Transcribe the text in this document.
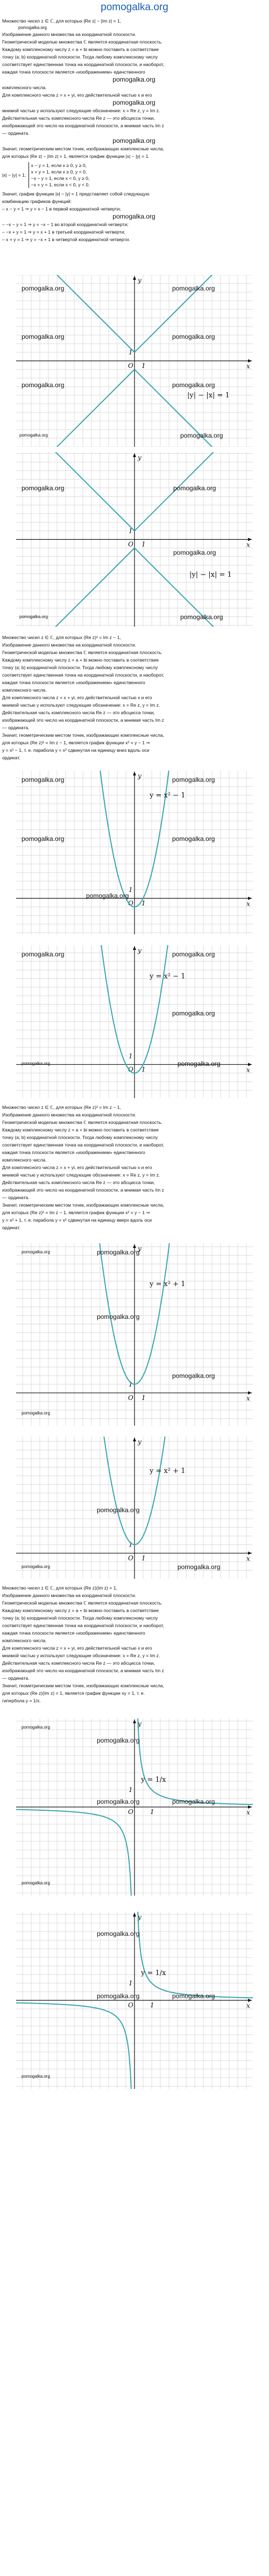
pomogalka.org
Множество чисел z ∈ ℂ, для которых |Re z| − |Im z| = 1,
pomogalka.org
Изображение данного множества на координатной плоскости.
Геометрической моделью множества ℂ является координатная плоскость.
Каждому комплексному числу z = a + bi можно поставить в соответствие
точку (a; b) координатной плоскости. Тогда любому комплексному числу
соответствует единственная точка на координатной плоскости, и наоборот,
каждая точка плоскости является «изображением» единственного
pomogalka.org
комплексного числа.
Для комплексного числа z = x + yi, его действительной частью x и его
pomogalka.org
мнимой частью y используют следующие обозначение: x = Re z, y = Im z.
Действительная часть комплексного числа Re z — это абсцисса точки,
изображающей это число на координатной плоскости, а мнимая часть Im z
— ордината.
pomogalka.org
Значит, геометрическим местом точек, изображающих комплексные числа,
для которых |Re z| − |Im z| = 1, является график функции |x| − |y| = 1.
|x| − |y| = 1;
x − y = 1, если x ≥ 0, y ≥ 0,
x + y = 1, если x ≥ 0, y < 0,
−x − y = 1, если x < 0, y ≥ 0,
−x + y = 1, если x < 0, y < 0.
Значит, график функции |x| − |y| = 1 представляет собой следующую
комбинацию графиков функций:
– x − y = 1 ⇒ y = x − 1 в первой координатной четверти;
pomogalka.org
– −x − y = 1 ⇒ y = −x − 1 во второй координатной четверти;
– −x + y = 1 ⇒ y = x + 1 в третьей координатной четверти;
– x + y = 1 ⇒ y = −x + 1 в четвертой координатной четверти.
x
y
O 1
1
|y| − |x| = 1
pomogalka.org	pomogalka.org
pomogalka.org	pomogalka.org
pomogalka.org	pomogalka.org
pomogalka.org	pomogalka.org
x
y
O 1
1
|y| − |x| = 1
pomogalka.org	pomogalka.org
pomogalka.org
pomogalka.org	pomogalka.org
Множество чисел z ∈ ℂ, для которых (Re z)² = Im z − 1,
Изображение данного множества на координатной плоскости.
Геометрической моделью множества ℂ является координатная плоскость.
Каждому комплексному числу z = a + bi можно поставить в соответствие
точку (a; b) координатной плоскости. Тогда любому комплексному числу
соответствует единственная точка на координатной плоскости, и наоборот,
каждая точка плоскости является «изображением» единственного
комплексного числа.
Для комплексного числа z = x + yi, его действительной частью x и его
мнимой частью y используют следующие обозначение: x = Re z, y = Im z.
Действительная часть комплексного числа Re z — это абсцисса точки,
изображающей это число на координатной плоскости, а мнимая часть Im z
— ордината.
Значит, геометрическим местом точек, изображающих комплексные числа,
для которых (Re z)² = Im z − 1, является график функции x² = y − 1 ⇒
y = x² − 1, т. е. парабола y = x² сдвинутая на единицу вниз вдоль оси
ординат.
x
y
O 1
1
y = x² − 1
pomogalka.org	pomogalka.org
pomogalka.org	pomogalka.org
pomogalka.org
x
y
O 1
1
y = x² − 1
pomogalka.org	pomogalka.org
pomogalka.org
pomogalka.org	pomogalka.org
Множество чисел z ∈ ℂ, для которых (Re z)² = Im z − 1,
Изображение данного множества на координатной плоскости.
Геометрической моделью множества ℂ является координатная плоскость.
Каждому комплексному числу z = a + bi можно поставить в соответствие
точку (a; b) координатной плоскости. Тогда любому комплексному числу
соответствует единственная точка на координатной плоскости, и наоборот,
каждая точка плоскости является «изображением» единственного
комплексного числа.
Для комплексного числа z = x + yi, его действительной частью x и его
мнимой частью y используют следующие обозначение: x = Re z, y = Im z.
Действительная часть комплексного числа Re z — это абсцисса точки,
изображающей это число на координатной плоскости, а мнимая часть Im z
— ординатa.
Значит, геометрическим местом точек, изображающих комплексные числа,
для которых (Re z)² = Im z − 1, является график функции x² = y − 1 ⇒
y = x² + 1, т. е. парабола y = x² сдвинутая на единицу вверх вдоль оси
ординат.
x
y
O 1
1
y = x² + 1
pomogalka.org	pomogalka.org
pomogalka.org
pomogalka.org
pomogalka.org
x
y
O 1
1
y = x² + 1
pomogalka.org
pomogalka.org	pomogalka.org
Множество чисел z ∈ ℂ, для которых (Re z)(Im z) = 1,
Изображение данного множества на координатной плоскости.
Геометрической моделью множества ℂ является координатная плоскость.
Каждому комплексному числу z = a + bi можно поставить в соответствие
точку (a; b) координатной плоскости. Тогда любому комплексному числу
соответствует единственная точка на координатной плоскости, и наоборот,
каждая точка плоскости является «изображением» единственного
комплексного числа.
Для комплексного числа z = x + yi, его действительной частью x и его
мнимой частью y используют следующие обозначение: x = Re z, y = Im z.
Действительная часть комплексного числа Re z — это абсцисса точки,
изображающей это число на координатной плоскости, а мнимая часть Im z
— ордината.
Значит, геометрическим местом точек, изображающих комплексные числа,
для которых (Re z)(Im z) = 1, является график функции xy = 1, т. е.
гипербола y = 1/x.
x
y
O	1
1
y = 1/x
pomogalka.org
pomogalka.org
pomogalka.org	pomogalka.org
pomogalka.org
x
y
O	1
1
y = 1/x
pomogalka.org
pomogalka.org	pomogalka.org
pomogalka.org
